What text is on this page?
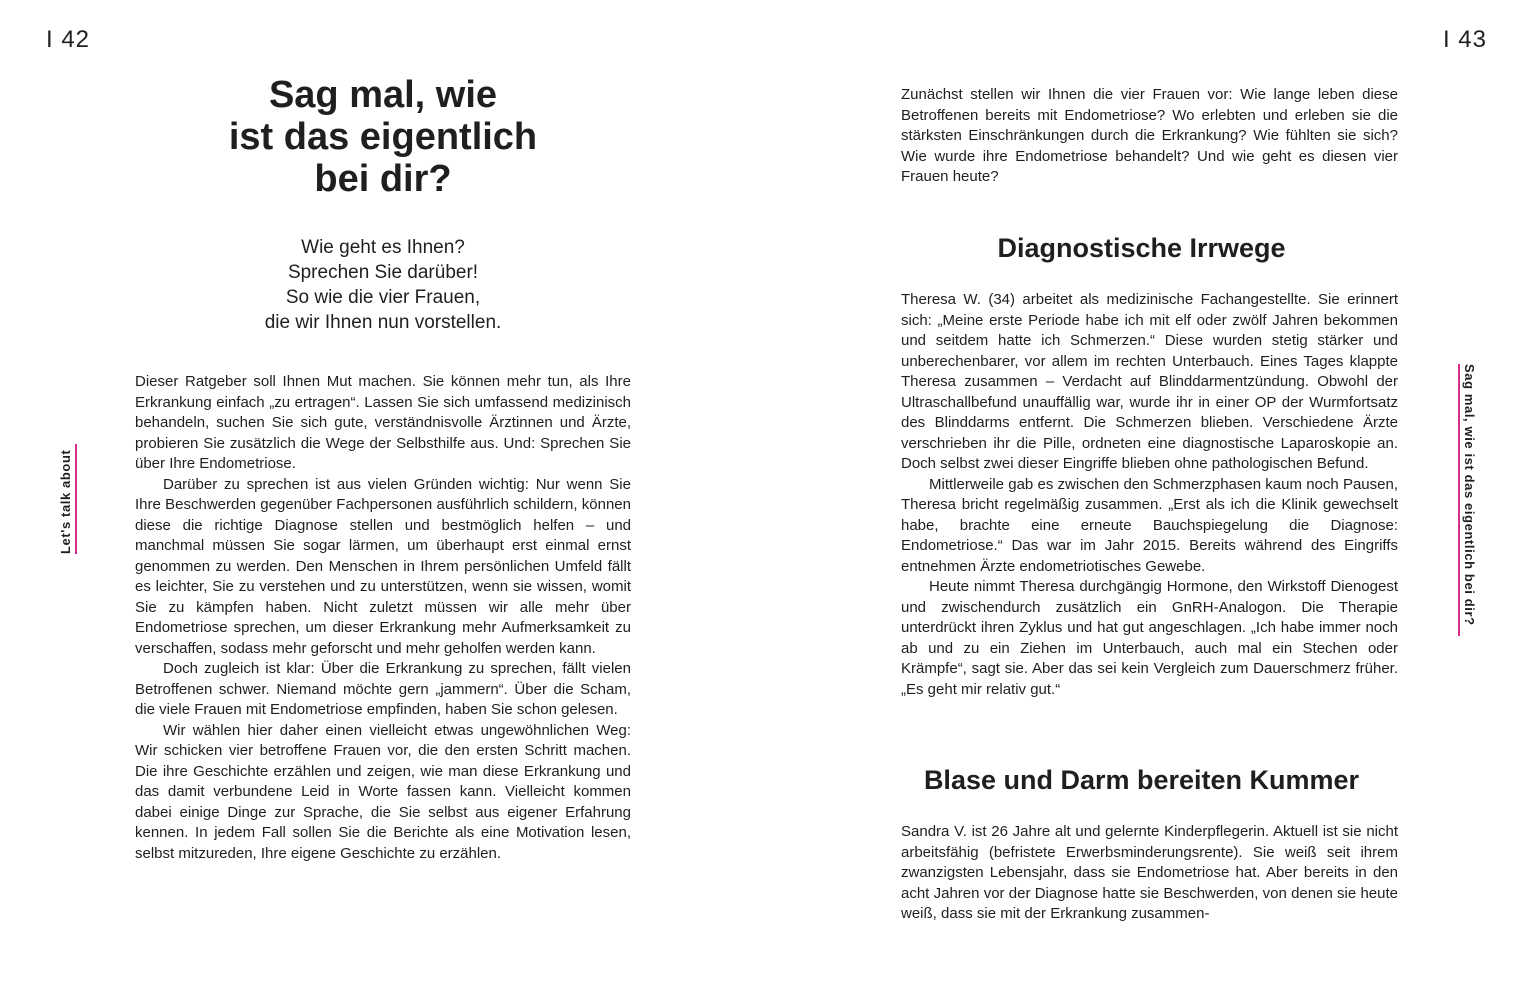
I 42	I 43
Let's talk about	Sag mal, wie ist das eigentlich bei dir?
Sag mal, wie
ist das eigentlich
bei dir?
Wie geht es Ihnen?
Sprechen Sie darüber!
So wie die vier Frauen,
die wir Ihnen nun vorstellen.

Dieser Ratgeber soll Ihnen Mut machen. Sie können mehr tun, als Ihre Erkrankung einfach „zu ertragen“. Lassen Sie sich umfassend medizinisch behandeln, suchen Sie sich gute, verständnisvolle Ärztinnen und Ärzte, probieren Sie zusätzlich die Wege der Selbsthilfe aus. Und: Sprechen Sie über Ihre Endometriose.

Darüber zu sprechen ist aus vielen Gründen wichtig: Nur wenn Sie Ihre Beschwerden gegenüber Fachpersonen ausführlich schildern, können diese die richtige Diagnose stellen und bestmöglich helfen – und manchmal müssen Sie sogar lärmen, um überhaupt erst einmal ernst genommen zu werden. Den Menschen in Ihrem persönlichen Umfeld fällt es leichter, Sie zu verstehen und zu unterstützen, wenn sie wissen, womit Sie zu kämpfen haben. Nicht zuletzt müssen wir alle mehr über Endometriose sprechen, um dieser Erkrankung mehr Aufmerksamkeit zu verschaffen, sodass mehr geforscht und mehr geholfen werden kann.

Doch zugleich ist klar: Über die Erkrankung zu sprechen, fällt vielen Betroffenen schwer. Niemand möchte gern „jammern“. Über die Scham, die viele Frauen mit Endometriose empfinden, haben Sie schon gelesen.

Wir wählen hier daher einen vielleicht etwas ungewöhnlichen Weg: Wir schicken vier betroffene Frauen vor, die den ersten Schritt machen. Die ihre Geschichte erzählen und zeigen, wie man diese Erkrankung und das damit verbundene Leid in Worte fassen kann. Vielleicht kommen dabei einige Dinge zur Sprache, die Sie selbst aus eigener Erfahrung kennen. In jedem Fall sollen Sie die Berichte als eine Motivation lesen, selbst mitzureden, Ihre eigene Geschichte zu erzählen.

Zunächst stellen wir Ihnen die vier Frauen vor: Wie lange leben diese Betroffenen bereits mit Endometriose? Wo erlebten und erleben sie die stärksten Einschränkungen durch die Erkrankung? Wie fühlten sie sich? Wie wurde ihre Endometriose behandelt? Und wie geht es diesen vier Frauen heute?

Diagnostische Irrwege

Theresa W. (34) arbeitet als medizinische Fachangestellte. Sie erinnert sich: „Meine erste Periode habe ich mit elf oder zwölf Jahren bekommen und seitdem hatte ich Schmerzen.“ Diese wurden stetig stärker und unberechenbarer, vor allem im rechten Unterbauch. Eines Tages klappte Theresa zusammen – Verdacht auf Blinddarmentzündung. Obwohl der Ultraschallbefund unauffällig war, wurde ihr in einer OP der Wurmfortsatz des Blinddarms entfernt. Die Schmerzen blieben. Verschiedene Ärzte verschrieben ihr die Pille, ordneten eine diagnostische Laparoskopie an. Doch selbst zwei dieser Eingriffe blieben ohne pathologischen Befund.

Mittlerweile gab es zwischen den Schmerzphasen kaum noch Pausen, Theresa bricht regelmäßig zusammen. „Erst als ich die Klinik gewechselt habe, brachte eine erneute Bauchspiegelung die Diagnose: Endometriose.“ Das war im Jahr 2015. Bereits während des Eingriffs entnehmen Ärzte endometriotisches Gewebe.

Heute nimmt Theresa durchgängig Hormone, den Wirkstoff Dienogest und zwischendurch zusätzlich ein GnRH-Analogon. Die Therapie unterdrückt ihren Zyklus und hat gut angeschlagen. „Ich habe immer noch ab und zu ein Ziehen im Unterbauch, auch mal ein Stechen oder Krämpfe“, sagt sie. Aber das sei kein Vergleich zum Dauerschmerz früher. „Es geht mir relativ gut.“

Blase und Darm bereiten Kummer

Sandra V. ist 26 Jahre alt und gelernte Kinderpflegerin. Aktuell ist sie nicht arbeitsfähig (befristete Erwerbsminderungsrente). Sie weiß seit ihrem zwanzigsten Lebensjahr, dass sie Endometriose hat. Aber bereits in den acht Jahren vor der Diagnose hatte sie Beschwerden, von denen sie heute weiß, dass sie mit der Erkrankung zusammen-
